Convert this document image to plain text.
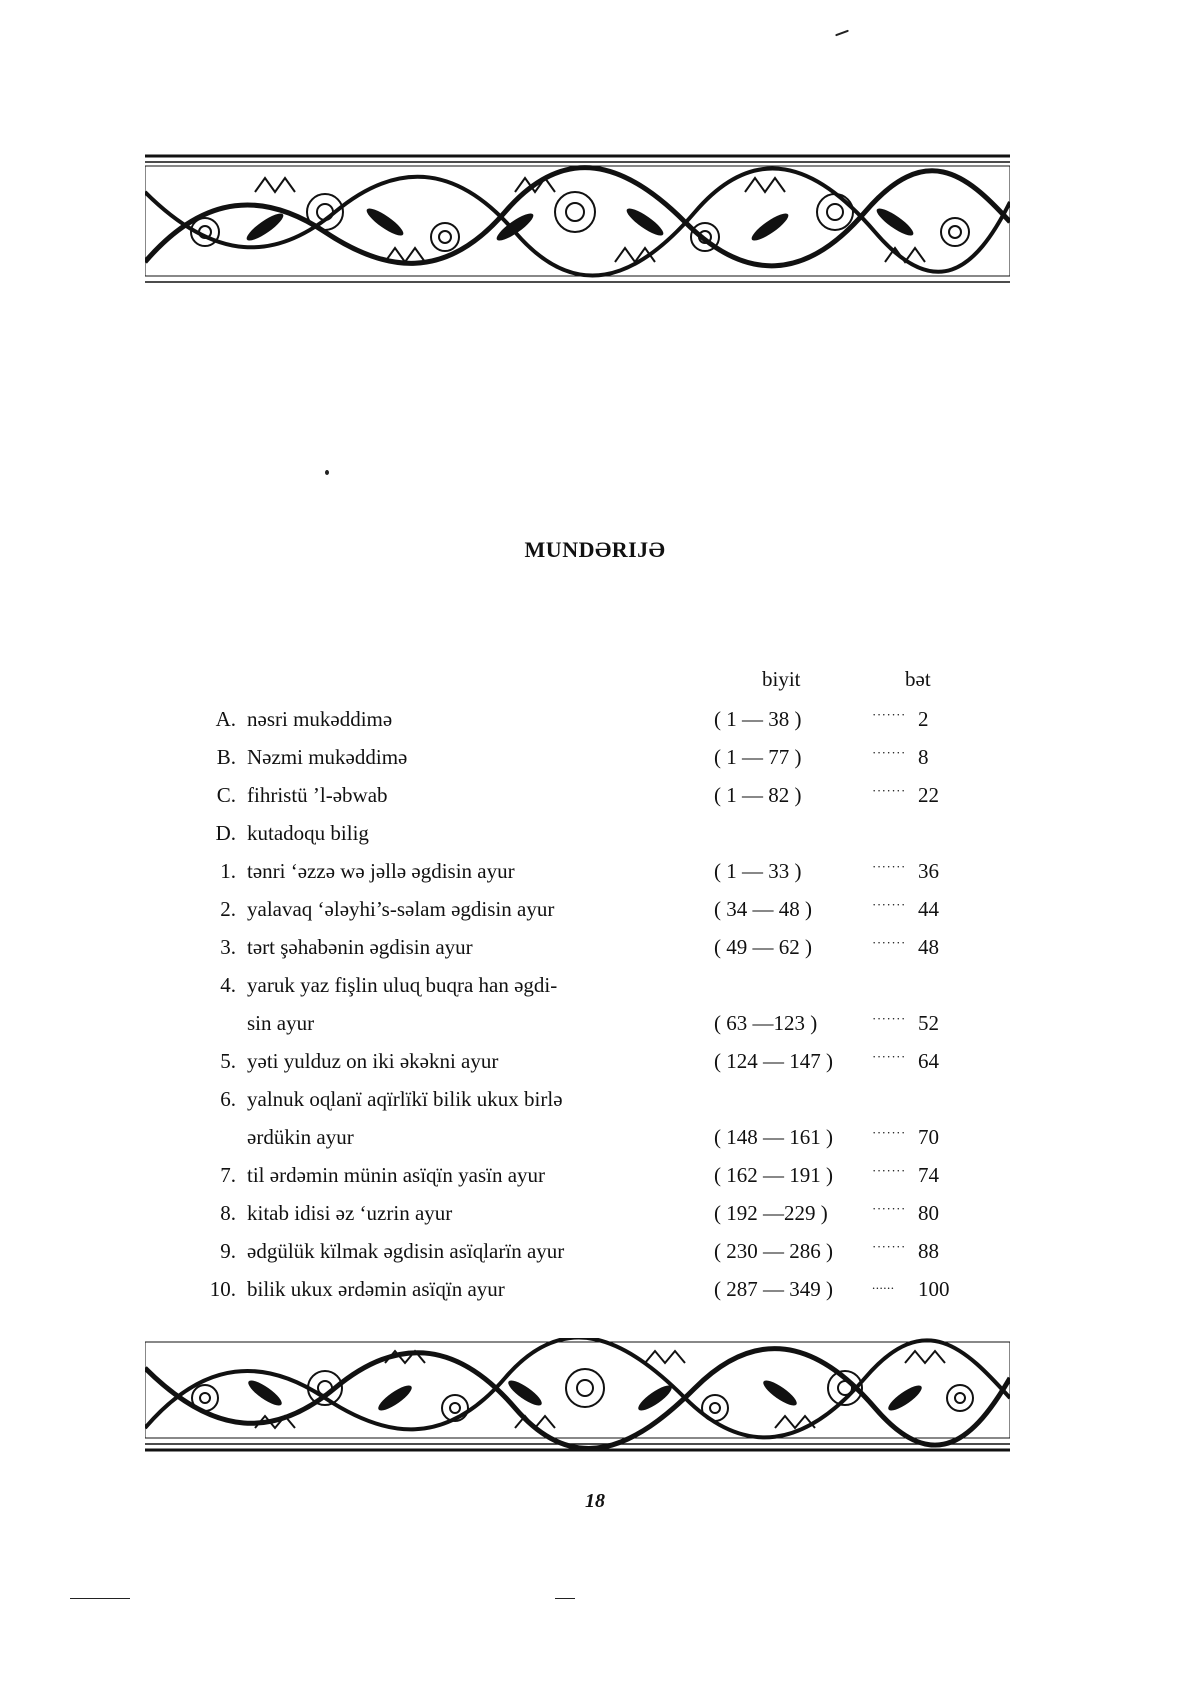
MUNDƏRIJƏ
biyit	bət
A. nəsri mukəddimə	( 1 — 38 )	······· 2
B. Nəzmi mukəddimə	( 1 — 77 )	······· 8
C. fihristü ’l-əbwab	( 1 — 82 )	······· 22
D. kutadoɋu bilig
1. tənri ‘əzzə wə jəllə əgdisin ayur	( 1 — 33 )	······· 36
2. yalavaq ‘ələyhi’s-səlam əgdisin ayur	( 34 — 48 )	······· 44
3. tərt şəhabənin əgdisin ayur	( 49 — 62 )	······· 48
4. yaruk yaz fişlin uluɋ buɋra han əgdi-
sin ayur	( 63 —123 )	······· 52
5. yəti yulduz on iki əkəkni ayur	( 124 — 147 )	······· 64
6. yalnuk oɋlanï aqïrlïkï bilik ukux birlə
ərdükin ayur	( 148 — 161 )	······· 70
7. til ərdəmin münin asïɋïn yasïn ayur	( 162 — 191 )	······· 74
8. kitab idisi əz ‘uzrin ayur	( 192 —229 )	······· 80
9. ədgülük kïlmak əgdisin asïɋlarïn ayur	( 230 — 286 )	······· 88
10. bilik ukux ərdəmin asïɋïn ayur	( 287 — 349 )	...... 100
18
